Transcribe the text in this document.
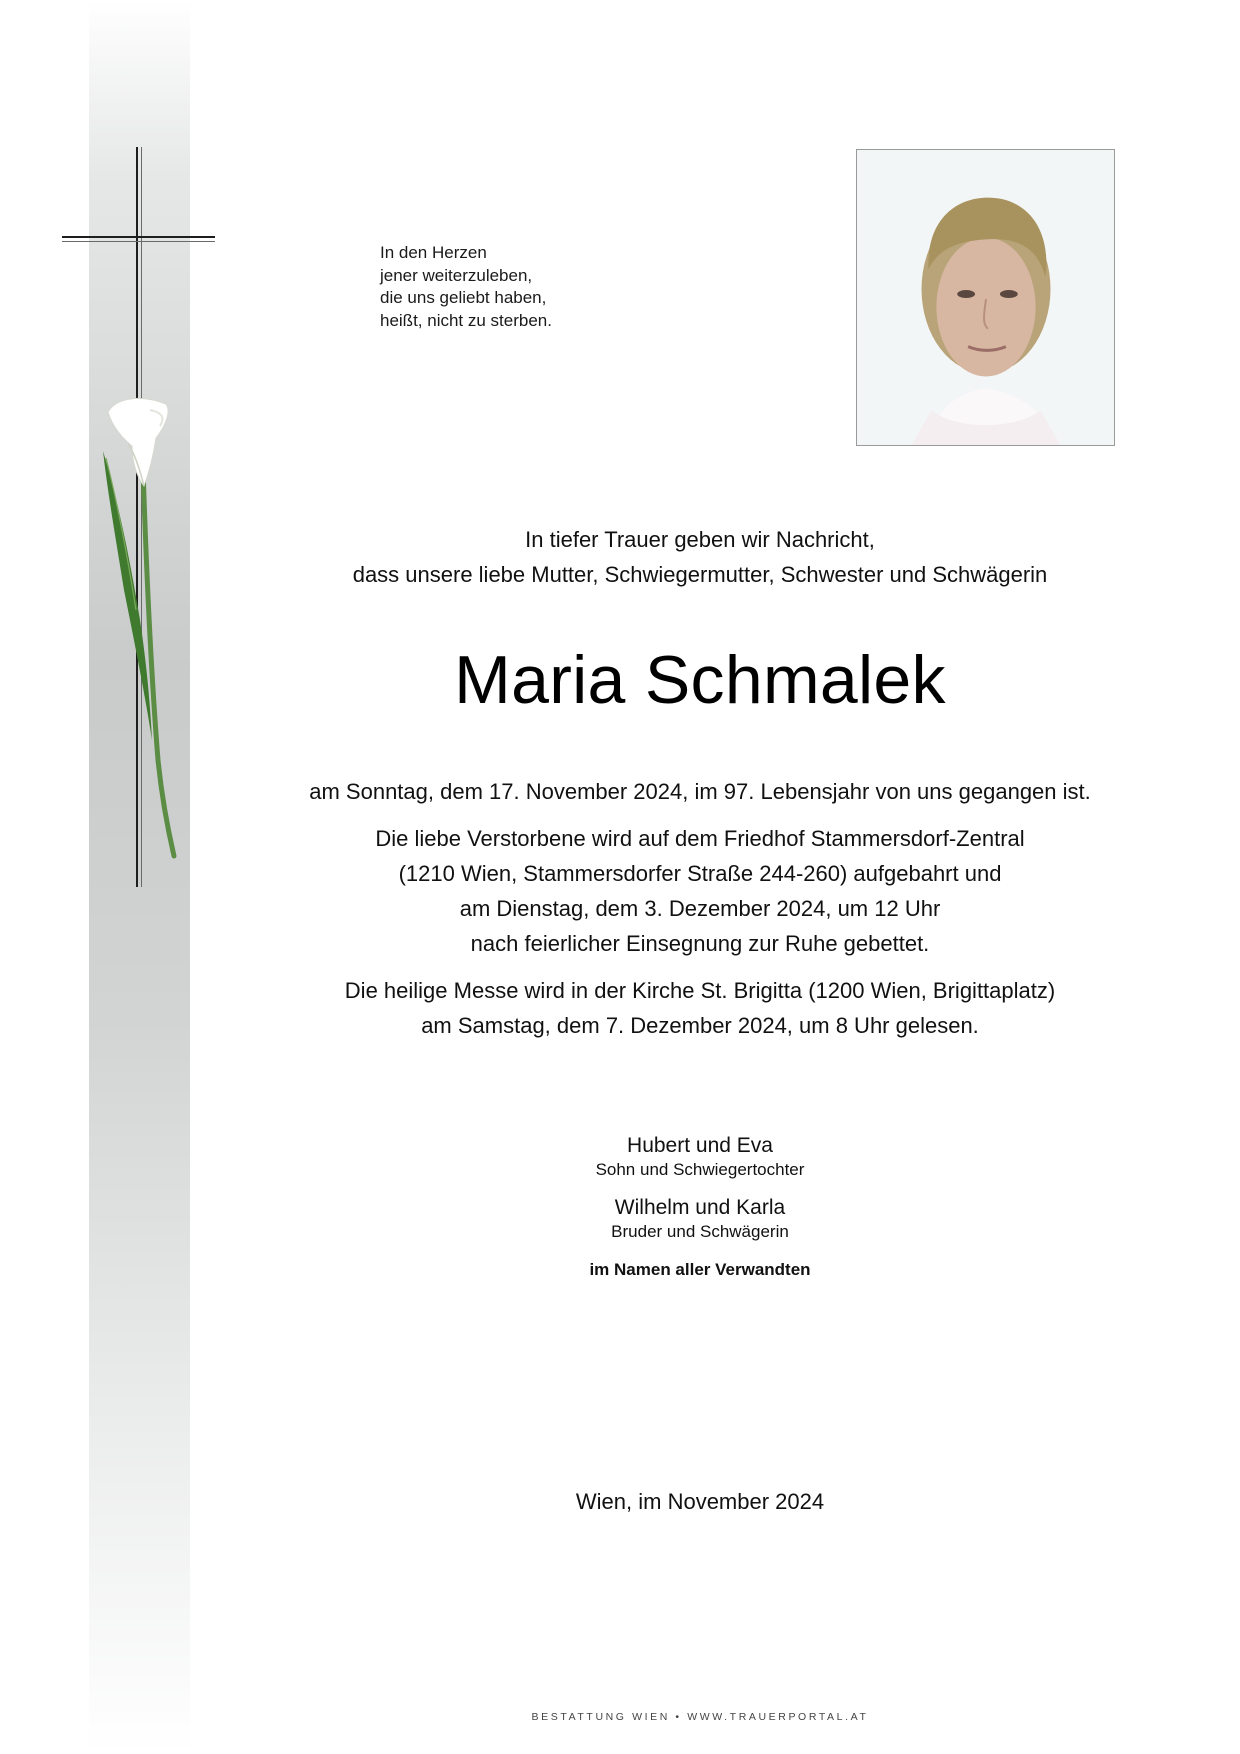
In den Herzen
jener weiterzuleben,
die uns geliebt haben,
heißt, nicht zu sterben.
In tiefer Trauer geben wir Nachricht,
dass unsere liebe Mutter, Schwiegermutter, Schwester und Schwägerin
Maria Schmalek
am Sonntag, dem 17. November 2024, im 97. Lebensjahr von uns gegangen ist.
Die liebe Verstorbene wird auf dem Friedhof Stammersdorf-Zentral
(1210 Wien, Stammersdorfer Straße 244-260) aufgebahrt und
am Dienstag, dem 3. Dezember 2024, um 12 Uhr
nach feierlicher Einsegnung zur Ruhe gebettet.
Die heilige Messe wird in der Kirche St. Brigitta (1200 Wien, Brigittaplatz)
am Samstag, dem 7. Dezember 2024, um 8 Uhr gelesen.
Hubert und Eva
Sohn und Schwiegertochter
Wilhelm und Karla
Bruder und Schwägerin
im Namen aller Verwandten
Wien, im November 2024
BESTATTUNG WIEN • WWW.TRAUERPORTAL.AT
